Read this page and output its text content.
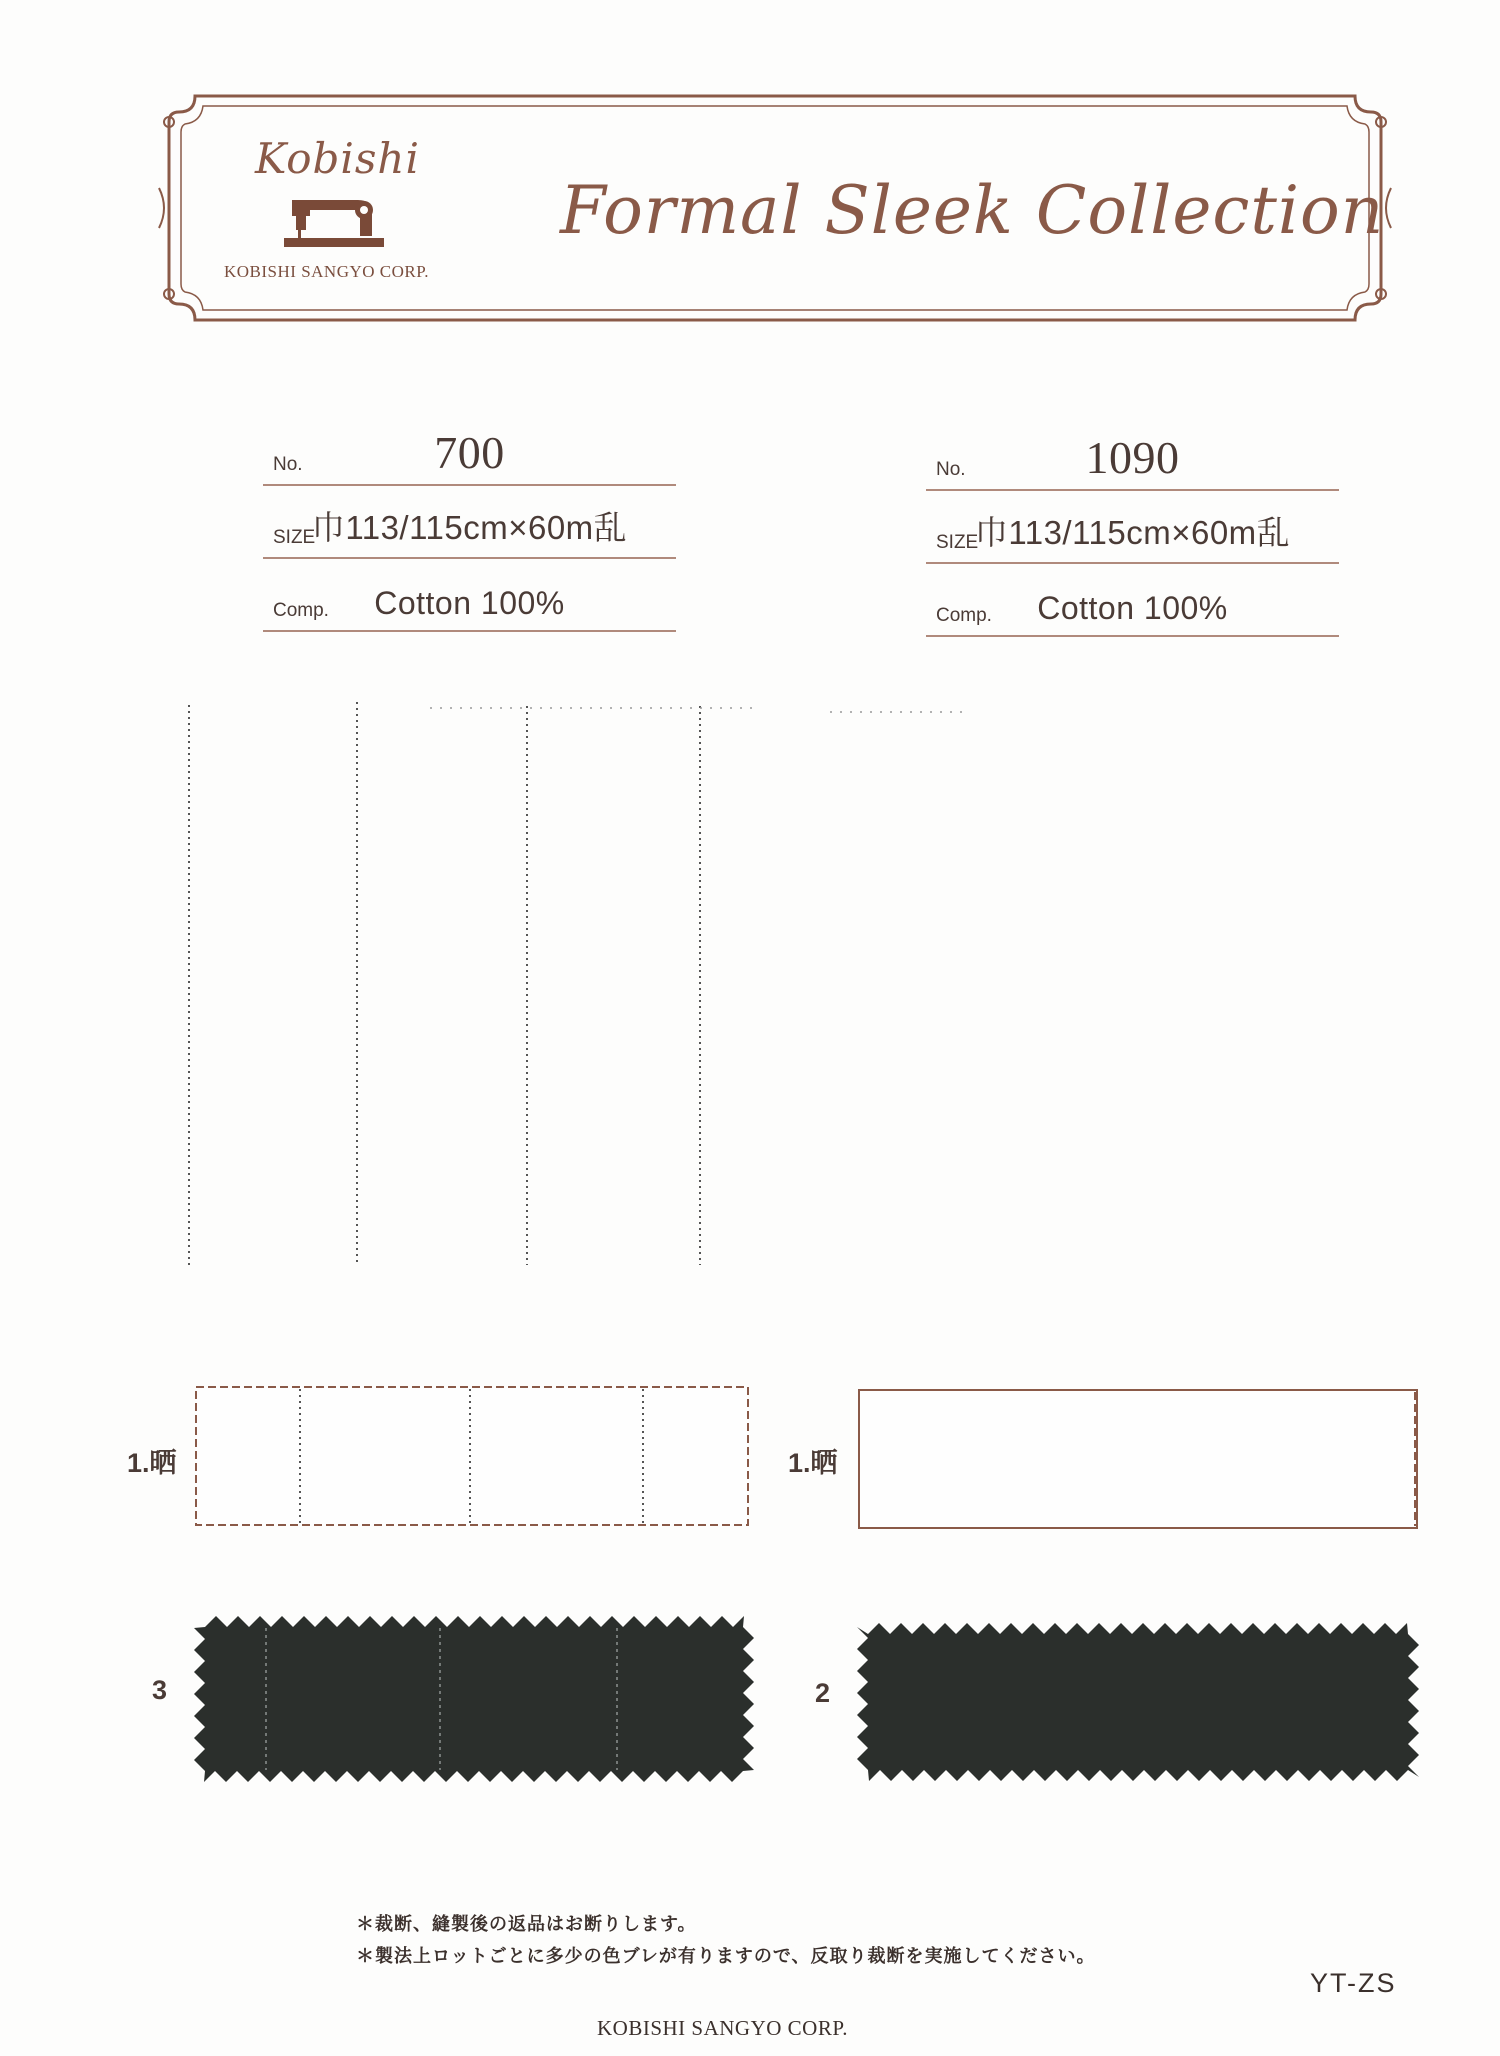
Kobishi
KOBISHI SANGYO CORP.
Formal Sleek Collection
No.	700
SIZE
巾113/115cm×60m乱
Comp.	Cotton 100%
No.	1090
SIZE
巾113/115cm×60m乱
Comp.	Cotton 100%
1.晒	1.晒
3	2
＊裁断、縫製後の返品はお断りします。
＊製法上ロットごとに多少の色ブレが有りますので、反取り裁断を実施してください。
KOBISHI SANGYO CORP.
YT-ZS
